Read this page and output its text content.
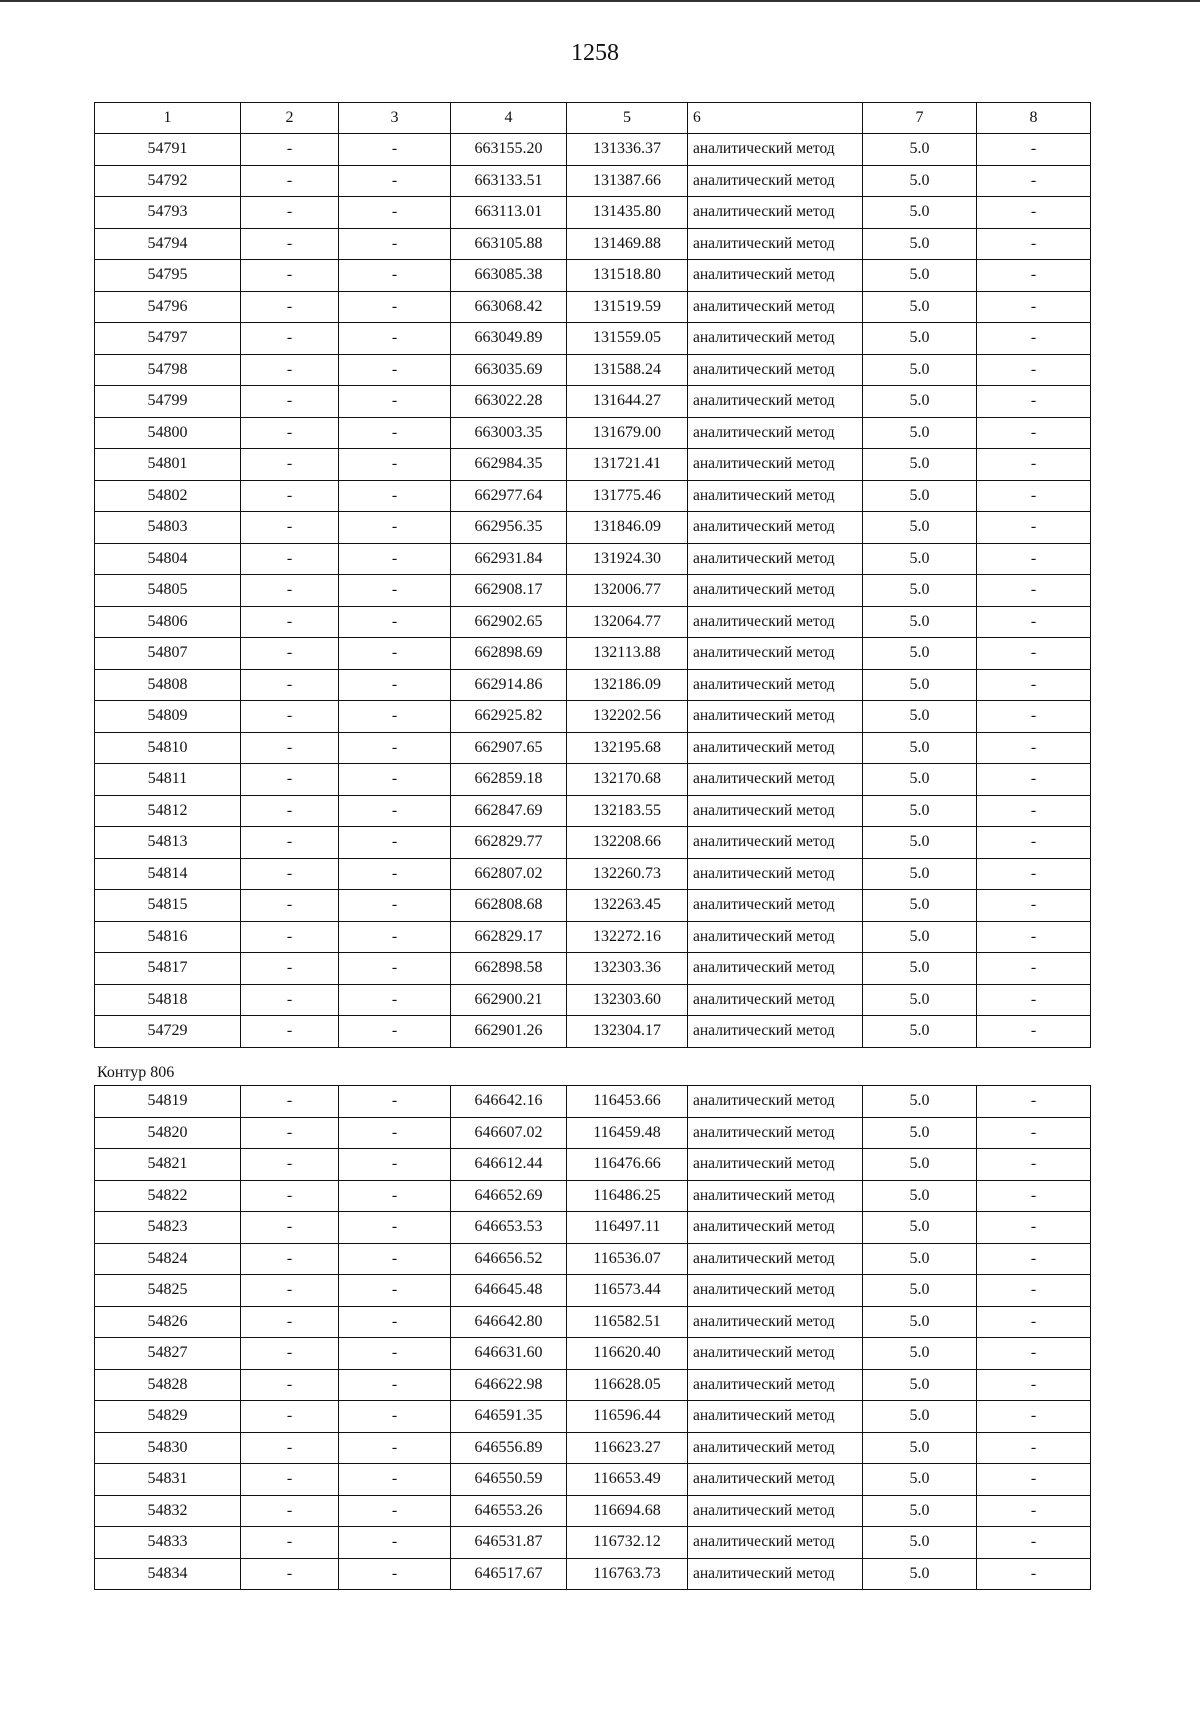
1258
1	2	3	4	5	6	7	8
54791	-	-	663155.20	131336.37	аналитический метод	5.0	-
54792	-	-	663133.51	131387.66	аналитический метод	5.0	-
54793	-	-	663113.01	131435.80	аналитический метод	5.0	-
54794	-	-	663105.88	131469.88	аналитический метод	5.0	-
54795	-	-	663085.38	131518.80	аналитический метод	5.0	-
54796	-	-	663068.42	131519.59	аналитический метод	5.0	-
54797	-	-	663049.89	131559.05	аналитический метод	5.0	-
54798	-	-	663035.69	131588.24	аналитический метод	5.0	-
54799	-	-	663022.28	131644.27	аналитический метод	5.0	-
54800	-	-	663003.35	131679.00	аналитический метод	5.0	-
54801	-	-	662984.35	131721.41	аналитический метод	5.0	-
54802	-	-	662977.64	131775.46	аналитический метод	5.0	-
54803	-	-	662956.35	131846.09	аналитический метод	5.0	-
54804	-	-	662931.84	131924.30	аналитический метод	5.0	-
54805	-	-	662908.17	132006.77	аналитический метод	5.0	-
54806	-	-	662902.65	132064.77	аналитический метод	5.0	-
54807	-	-	662898.69	132113.88	аналитический метод	5.0	-
54808	-	-	662914.86	132186.09	аналитический метод	5.0	-
54809	-	-	662925.82	132202.56	аналитический метод	5.0	-
54810	-	-	662907.65	132195.68	аналитический метод	5.0	-
54811	-	-	662859.18	132170.68	аналитический метод	5.0	-
54812	-	-	662847.69	132183.55	аналитический метод	5.0	-
54813	-	-	662829.77	132208.66	аналитический метод	5.0	-
54814	-	-	662807.02	132260.73	аналитический метод	5.0	-
54815	-	-	662808.68	132263.45	аналитический метод	5.0	-
54816	-	-	662829.17	132272.16	аналитический метод	5.0	-
54817	-	-	662898.58	132303.36	аналитический метод	5.0	-
54818	-	-	662900.21	132303.60	аналитический метод	5.0	-
54729	-	-	662901.26	132304.17	аналитический метод	5.0	-
Контур 806
54819	-	-	646642.16	116453.66	аналитический метод	5.0	-
54820	-	-	646607.02	116459.48	аналитический метод	5.0	-
54821	-	-	646612.44	116476.66	аналитический метод	5.0	-
54822	-	-	646652.69	116486.25	аналитический метод	5.0	-
54823	-	-	646653.53	116497.11	аналитический метод	5.0	-
54824	-	-	646656.52	116536.07	аналитический метод	5.0	-
54825	-	-	646645.48	116573.44	аналитический метод	5.0	-
54826	-	-	646642.80	116582.51	аналитический метод	5.0	-
54827	-	-	646631.60	116620.40	аналитический метод	5.0	-
54828	-	-	646622.98	116628.05	аналитический метод	5.0	-
54829	-	-	646591.35	116596.44	аналитический метод	5.0	-
54830	-	-	646556.89	116623.27	аналитический метод	5.0	-
54831	-	-	646550.59	116653.49	аналитический метод	5.0	-
54832	-	-	646553.26	116694.68	аналитический метод	5.0	-
54833	-	-	646531.87	116732.12	аналитический метод	5.0	-
54834	-	-	646517.67	116763.73	аналитический метод	5.0	-
